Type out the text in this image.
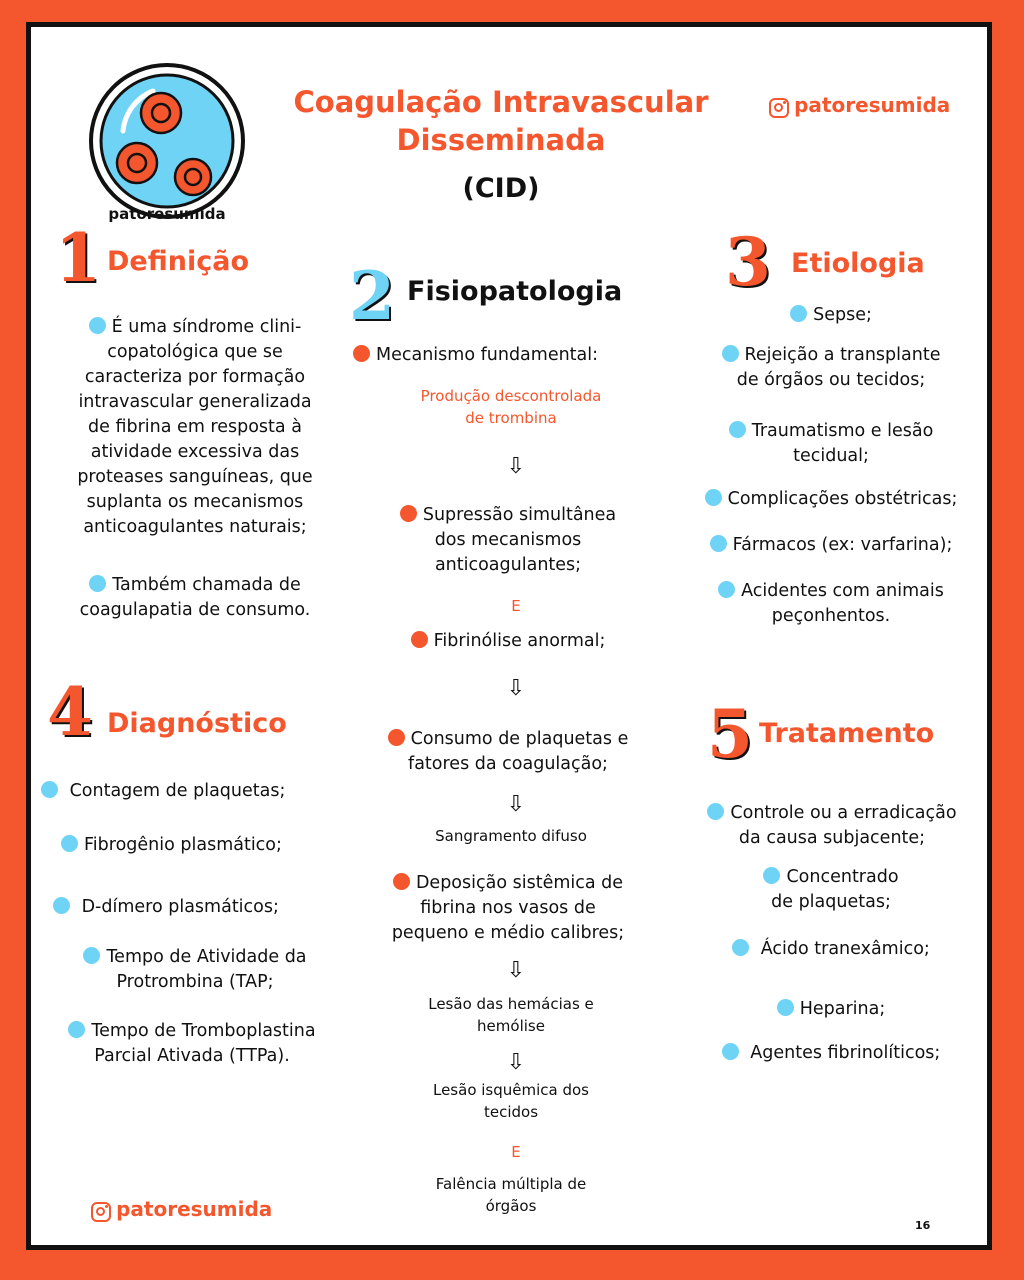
patoresumida
Coagulação Intravascular
Disseminada
(CID)
patoresumida
1 Definição
É uma síndrome clini-
copatológica que se
caracteriza por formação
intravascular generalizada
de fibrina em resposta à
atividade excessiva das
proteases sanguíneas, que
suplanta os mecanismos
anticoagulantes naturais;
Também chamada de
coagulapatia de consumo.
2 Fisiopatologia
Mecanismo fundamental:
Produção descontrolada
de trombina
⇩
Supressão simultânea
dos mecanismos
anticoagulantes;
E
Fibrinólise anormal;
⇩
Consumo de plaquetas e
fatores da coagulação;
⇩
Sangramento difuso
Deposição sistêmica de
fibrina nos vasos de
pequeno e médio calibres;
⇩
Lesão das hemácias e
hemólise
⇩
Lesão isquêmica dos
tecidos
E
Falência múltipla de
órgãos
3 Etiologia
Sepse;
Rejeição a transplante
de órgãos ou tecidos;
Traumatismo e lesão
tecidual;
Complicações obstétricas;
Fármacos (ex: varfarina);
Acidentes com animais
peçonhentos.
4 Diagnóstico
Contagem de plaquetas;
Fibrogênio plasmático;
D-dímero plasmáticos;
Tempo de Atividade da
Protrombina (TAP;
Tempo de Tromboplastina
Parcial Ativada (TTPa).
5 Tratamento
Controle ou a erradicação
da causa subjacente;
Concentrado
de plaquetas;
Ácido tranexâmico;
Heparina;
Agentes fibrinolíticos;
patoresumida
16
